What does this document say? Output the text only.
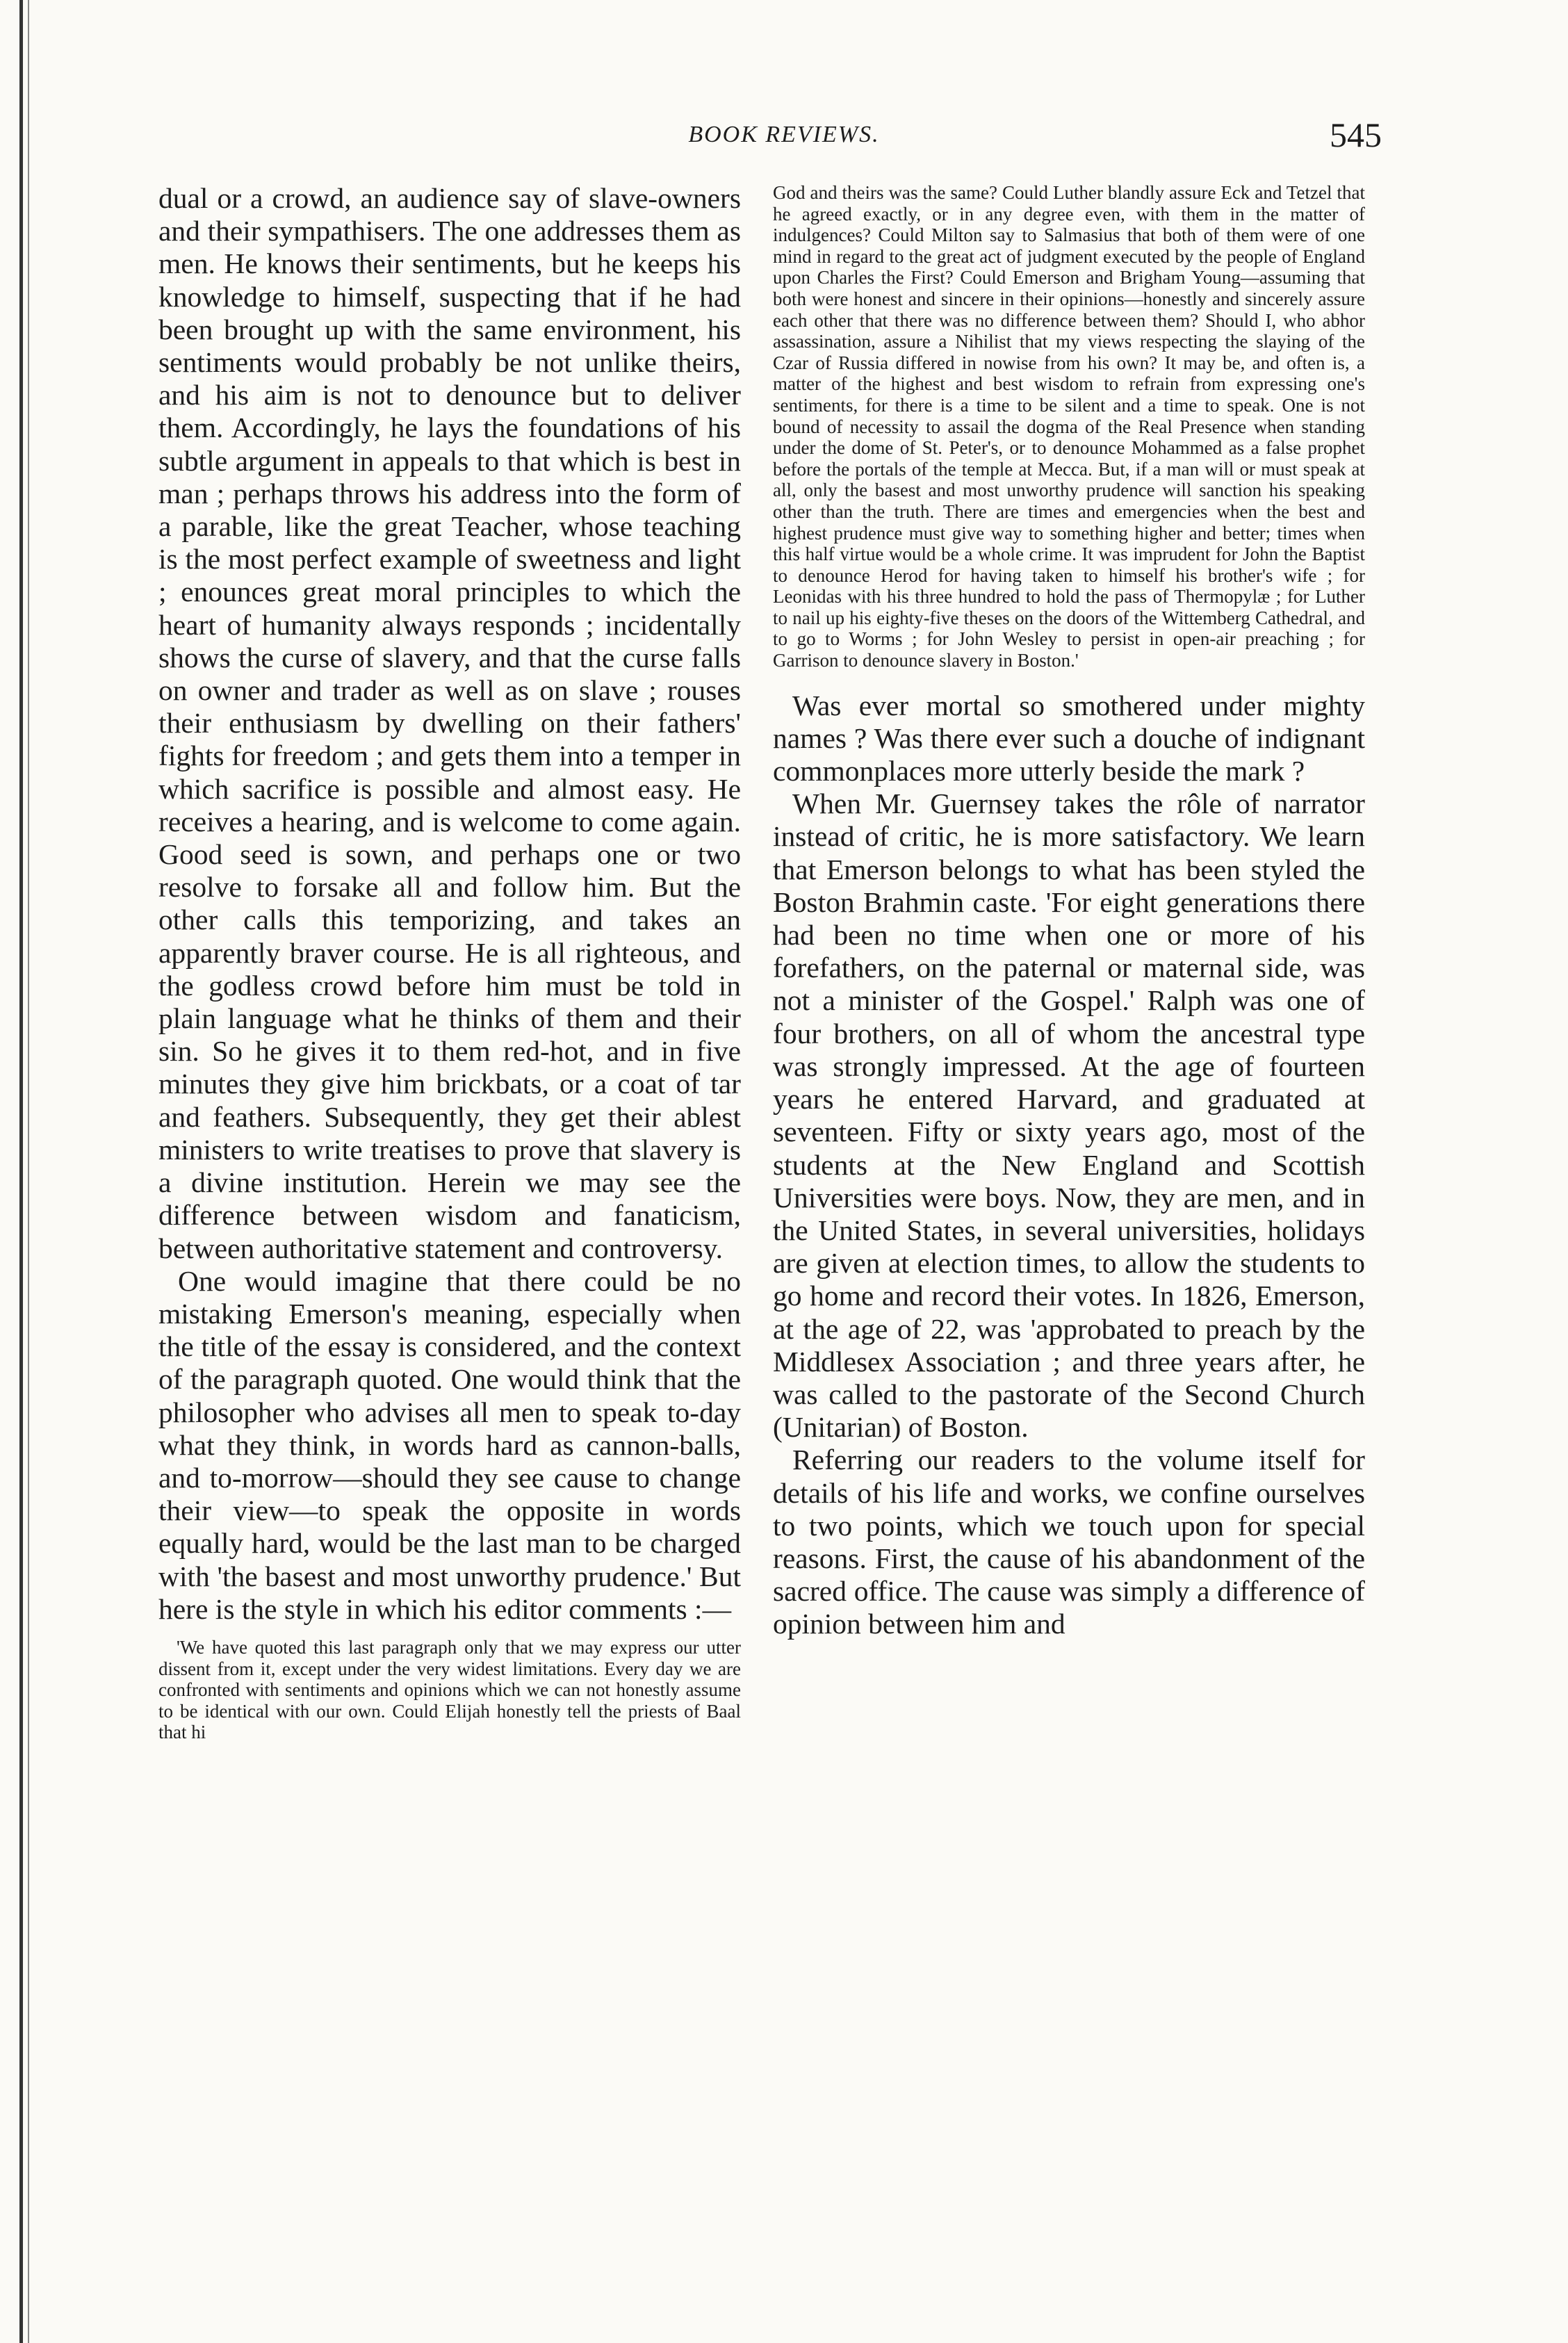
BOOK REVIEWS.	545

dual or a crowd, an audience say of slave-owners and their sympathisers. The one addresses them as men. He knows their sentiments, but he keeps his knowledge to himself, suspecting that if he had been brought up with the same environment, his sentiments would probably be not unlike theirs, and his aim is not to denounce but to deliver them. Accordingly, he lays the foundations of his subtle argument in appeals to that which is best in man ; perhaps throws his address into the form of a parable, like the great Teacher, whose teaching is the most perfect example of sweetness and light ; enounces great moral principles to which the heart of humanity always responds ; incidentally shows the curse of slavery, and that the curse falls on owner and trader as well as on slave ; rouses their enthusiasm by dwelling on their fathers' fights for freedom ; and gets them into a temper in which sacrifice is possible and almost easy. He receives a hearing, and is welcome to come again. Good seed is sown, and perhaps one or two resolve to forsake all and follow him. But the other calls this temporizing, and takes an apparently braver course. He is all righteous, and the godless crowd before him must be told in plain language what he thinks of them and their sin. So he gives it to them red-hot, and in five minutes they give him brickbats, or a coat of tar and feathers. Subsequently, they get their ablest ministers to write treatises to prove that slavery is a divine institution. Herein we may see the difference between wisdom and fanaticism, between authoritative statement and controversy.

One would imagine that there could be no mistaking Emerson's meaning, especially when the title of the essay is considered, and the context of the paragraph quoted. One would think that the philosopher who advises all men to speak to-day what they think, in words hard as cannon-balls, and to-morrow—should they see cause to change their view—to speak the opposite in words equally hard, would be the last man to be charged with 'the basest and most unworthy prudence.' But here is the style in which his editor comments :—

'We have quoted this last paragraph only that we may express our utter dissent from it, except under the very widest limitations. Every day we are confronted with sentiments and opinions which we can not honestly assume to be identical with our own. Could Elijah honestly tell the priests of Baal that hi

God and theirs was the same? Could Luther blandly assure Eck and Tetzel that he agreed exactly, or in any degree even, with them in the matter of indulgences? Could Milton say to Salmasius that both of them were of one mind in regard to the great act of judgment executed by the people of England upon Charles the First? Could Emerson and Brigham Young—assuming that both were honest and sincere in their opinions—honestly and sincerely assure each other that there was no difference between them? Should I, who abhor assassination, assure a Nihilist that my views respecting the slaying of the Czar of Russia differed in nowise from his own? It may be, and often is, a matter of the highest and best wisdom to refrain from expressing one's sentiments, for there is a time to be silent and a time to speak. One is not bound of necessity to assail the dogma of the Real Presence when standing under the dome of St. Peter's, or to denounce Mohammed as a false prophet before the portals of the temple at Mecca. But, if a man will or must speak at all, only the basest and most unworthy prudence will sanction his speaking other than the truth. There are times and emergencies when the best and highest prudence must give way to something higher and better; times when this half virtue would be a whole crime. It was imprudent for John the Baptist to denounce Herod for having taken to himself his brother's wife ; for Leonidas with his three hundred to hold the pass of Thermopylæ ; for Luther to nail up his eighty-five theses on the doors of the Wittemberg Cathedral, and to go to Worms ; for John Wesley to persist in open-air preaching ; for Garrison to denounce slavery in Boston.'

Was ever mortal so smothered under mighty names ? Was there ever such a douche of indignant commonplaces more utterly beside the mark ?

When Mr. Guernsey takes the rôle of narrator instead of critic, he is more satisfactory. We learn that Emerson belongs to what has been styled the Boston Brahmin caste. 'For eight generations there had been no time when one or more of his forefathers, on the paternal or maternal side, was not a minister of the Gospel.' Ralph was one of four brothers, on all of whom the ancestral type was strongly impressed. At the age of fourteen years he entered Harvard, and graduated at seventeen. Fifty or sixty years ago, most of the students at the New England and Scottish Universities were boys. Now, they are men, and in the United States, in several universities, holidays are given at election times, to allow the students to go home and record their votes. In 1826, Emerson, at the age of 22, was 'approbated to preach by the Middlesex Association ; and three years after, he was called to the pastorate of the Second Church (Unitarian) of Boston.

Referring our readers to the volume itself for details of his life and works, we confine ourselves to two points, which we touch upon for special reasons. First, the cause of his abandonment of the sacred office. The cause was simply a difference of opinion between him and
